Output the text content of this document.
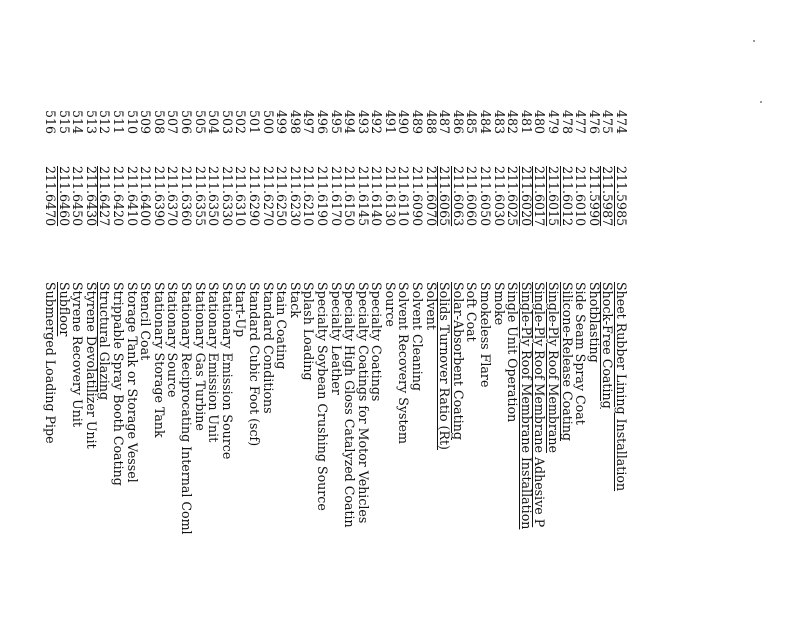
474
211.5985
Sheet Rubber Lining Installation
475
211.5987
Shock-Free Coating
476
211.5990
Shotblasting
477
211.6010
Side Seam Spray Coat
478
211.6012
Silicone-Release Coating
479
211.6015
Single-Ply Roof Membrane
480
211.6017
Single-Ply Roof Membrane Adhesive P
481
211.6020
Single-Ply Roof Membrane Installation
482
211.6025
Single Unit Operation
483
211.6030
Smoke
484
211.6050
Smokeless Flare
485
211.6060
Soft Coat
486
211.6063
Solar-Absorbent Coating
487
211.6065
Solids Turnover Ratio (Rt)
488
211.6070
Solvent
489
211.6090
Solvent Cleaning
490
211.6110
Solvent Recovery System
491
211.6130
Source
492
211.6140
Specialty Coatings
493
211.6145
Specialty Coatings for Motor Vehicles
494
211.6150
Specialty High Gloss Catalyzed Coatin
495
211.6170
Specialty Leather
496
211.6190
Specialty Soybean Crushing Source
497
211.6210
Splash Loading
498
211.6230
Stack
499
211.6250
Stain Coating
500
211.6270
Standard Conditions
501
211.6290
Standard Cubic Foot (scf)
502
211.6310
Start-Up
503
211.6330
Stationary Emission Source
504
211.6350
Stationary Emission Unit
505
211.6355
Stationary Gas Turbine
506
211.6360
Stationary Reciprocating Internal Coml
507
211.6370
Stationary Source
508
211.6390
Stationary Storage Tank
509
211.6400
Stencil Coat
510
211.6410
Storage Tank or Storage Vessel
511
211.6420
Strippable Spray Booth Coating
512
211.6427
Structural Glazing
513
211.6430
Styrene Devolatilizer Unit
514
211.6450
Styrene Recovery Unit
515
211.6460
Subfloor
516
211.6470
Submerged Loading Pipe
